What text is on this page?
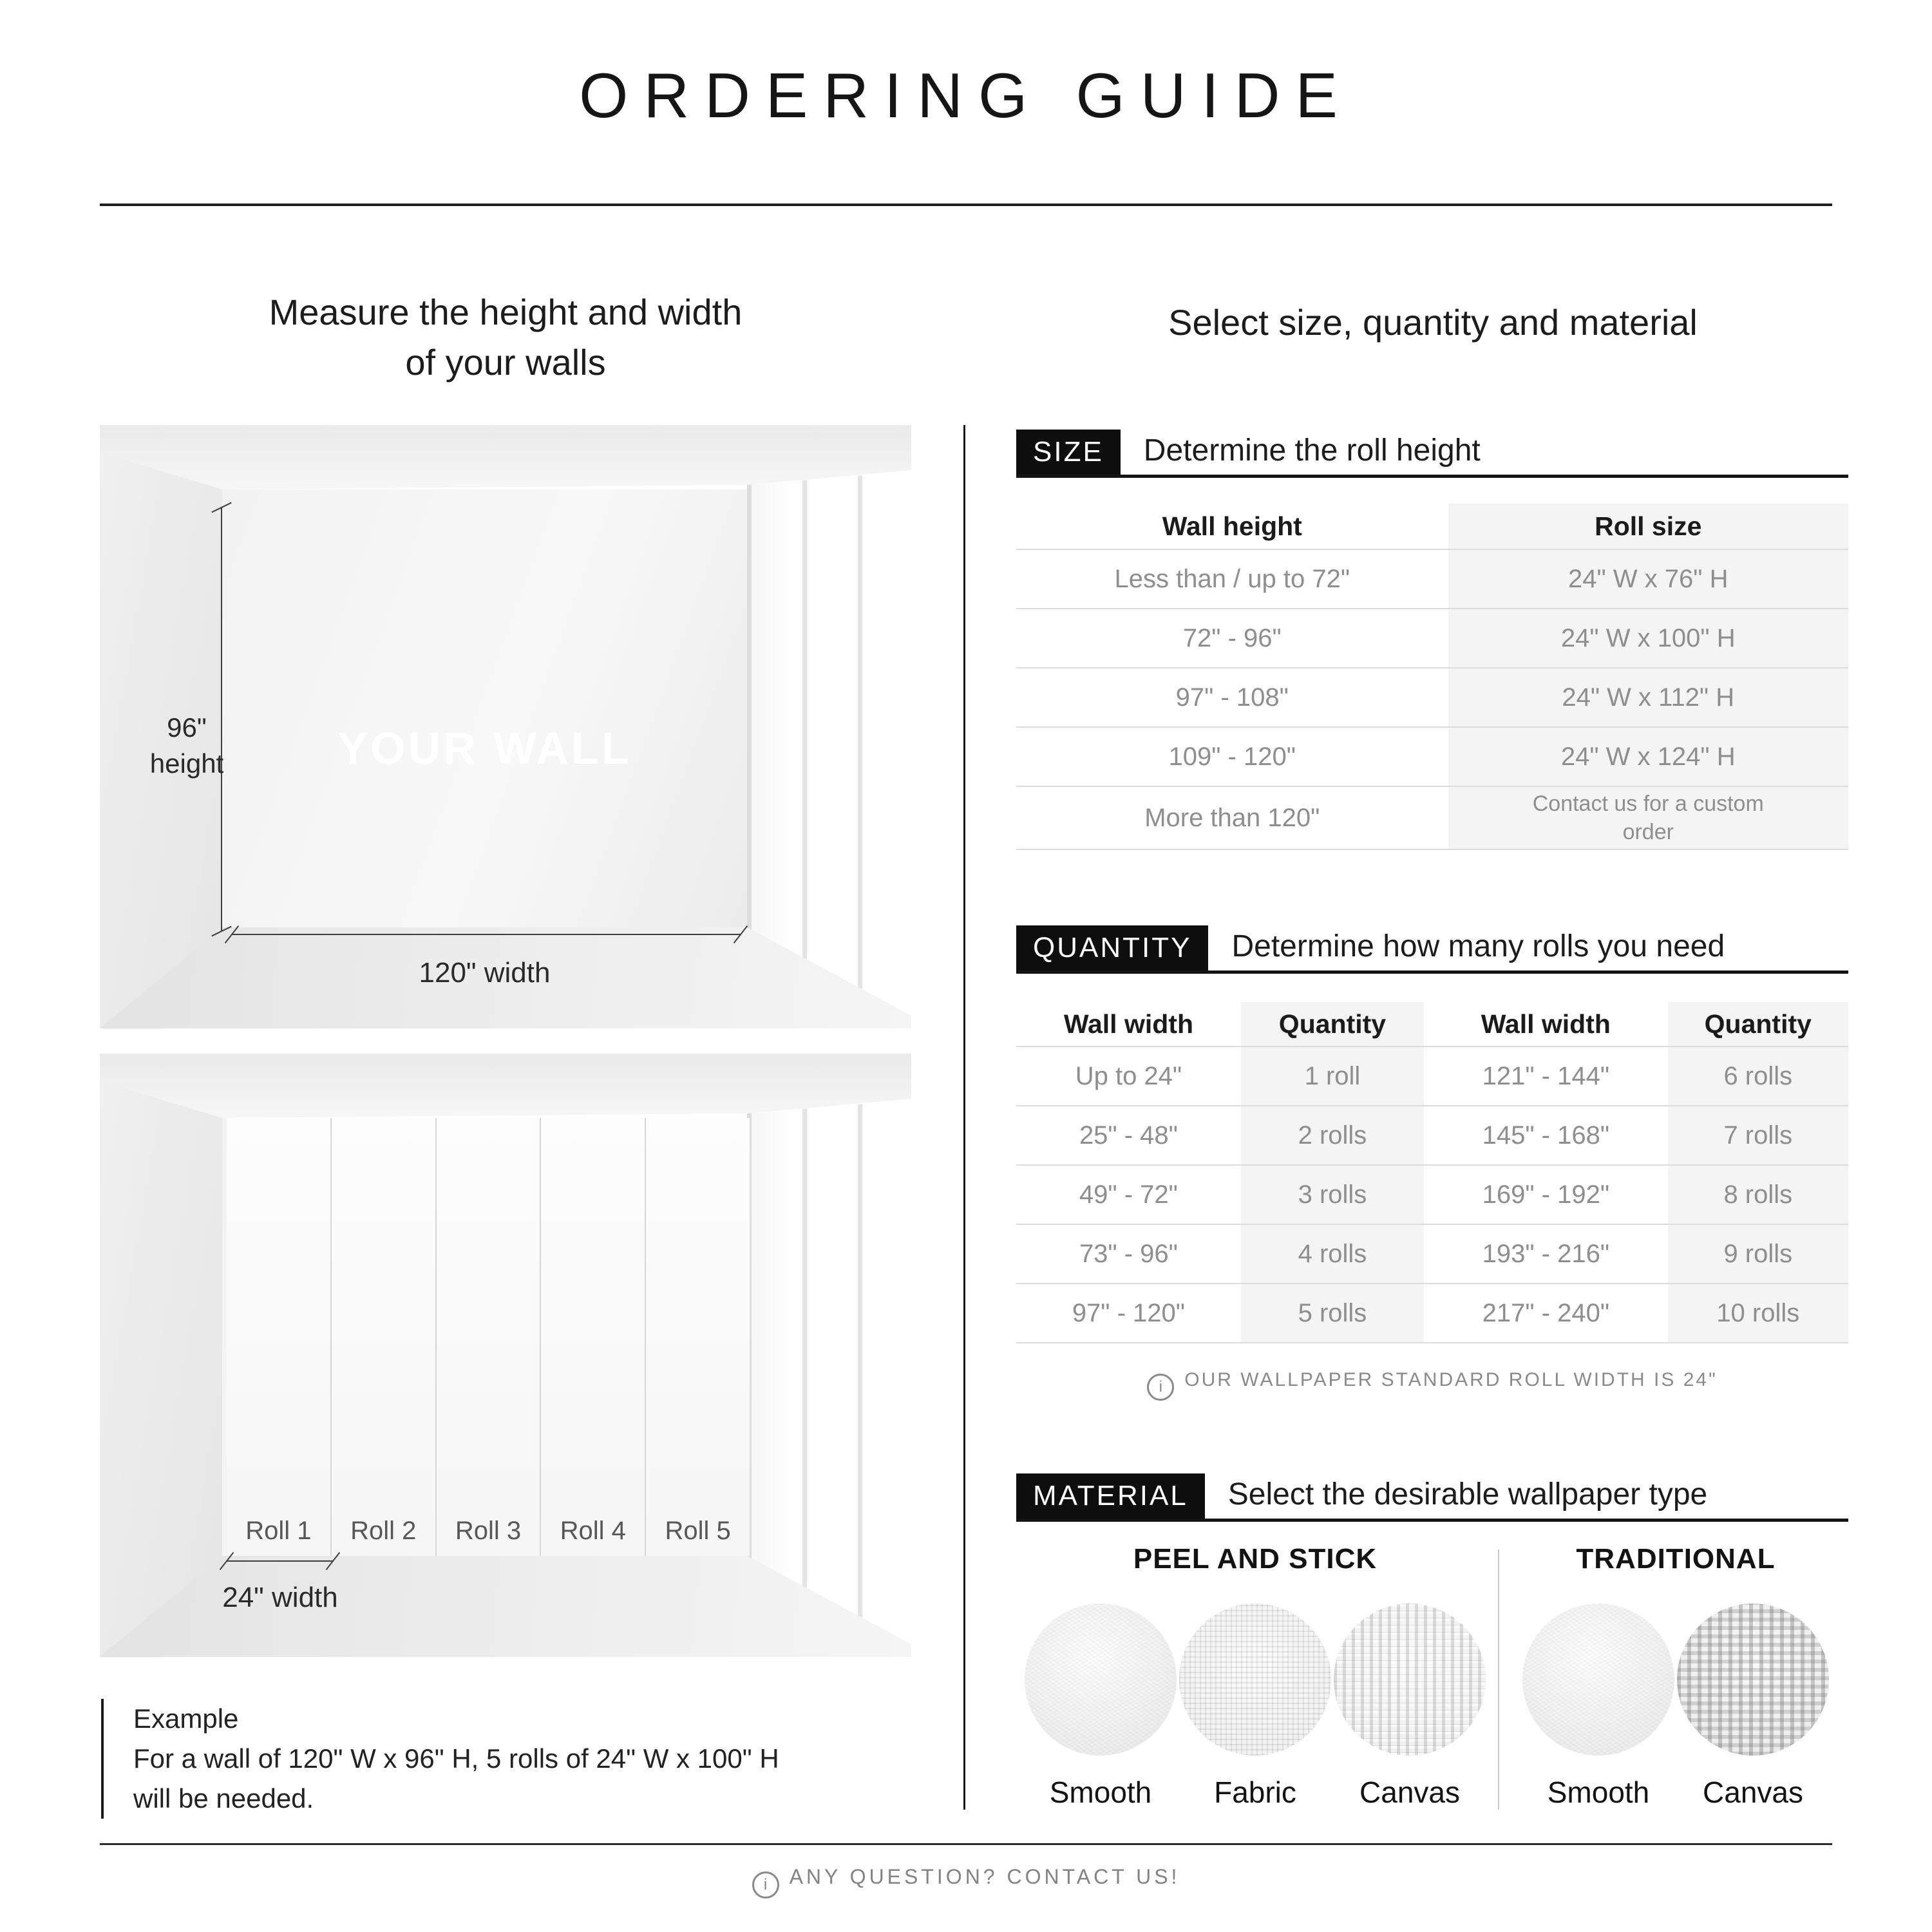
ORDERING GUIDE
Measure the height and width
of your walls
Select size, quantity and material
YOUR WALL
96"
height
120" width
Roll 1	Roll 2	Roll 3	Roll 4	Roll 5
24" width
Example
For a wall of 120" W x 96" H, 5 rolls of 24" W x 100" H
will be needed.
SIZE	Determine the roll height
Wall height	Roll size
Less than / up to 72"	24" W x 76" H
72" - 96"	24" W x 100" H
97" - 108"	24" W x 112" H
109" - 120"	24" W x 124" H
More than 120"	Contact us for a custom order
QUANTITY	Determine how many rolls you need
Wall width	Quantity	Wall width	Quantity
Up to 24"	1 roll	121" - 144"	6 rolls
25" - 48"	2 rolls	145" - 168"	7 rolls
49" - 72"	3 rolls	169" - 192"	8 rolls
73" - 96"	4 rolls	193" - 216"	9 rolls
97" - 120"	5 rolls	217" - 240"	10 rolls
iOUR WALLPAPER STANDARD ROLL WIDTH IS 24"
MATERIAL	Select the desirable wallpaper type
PEEL AND STICK
Smooth Fabric Canvas
TRADITIONAL
Smooth Canvas
iANY QUESTION? CONTACT US!
